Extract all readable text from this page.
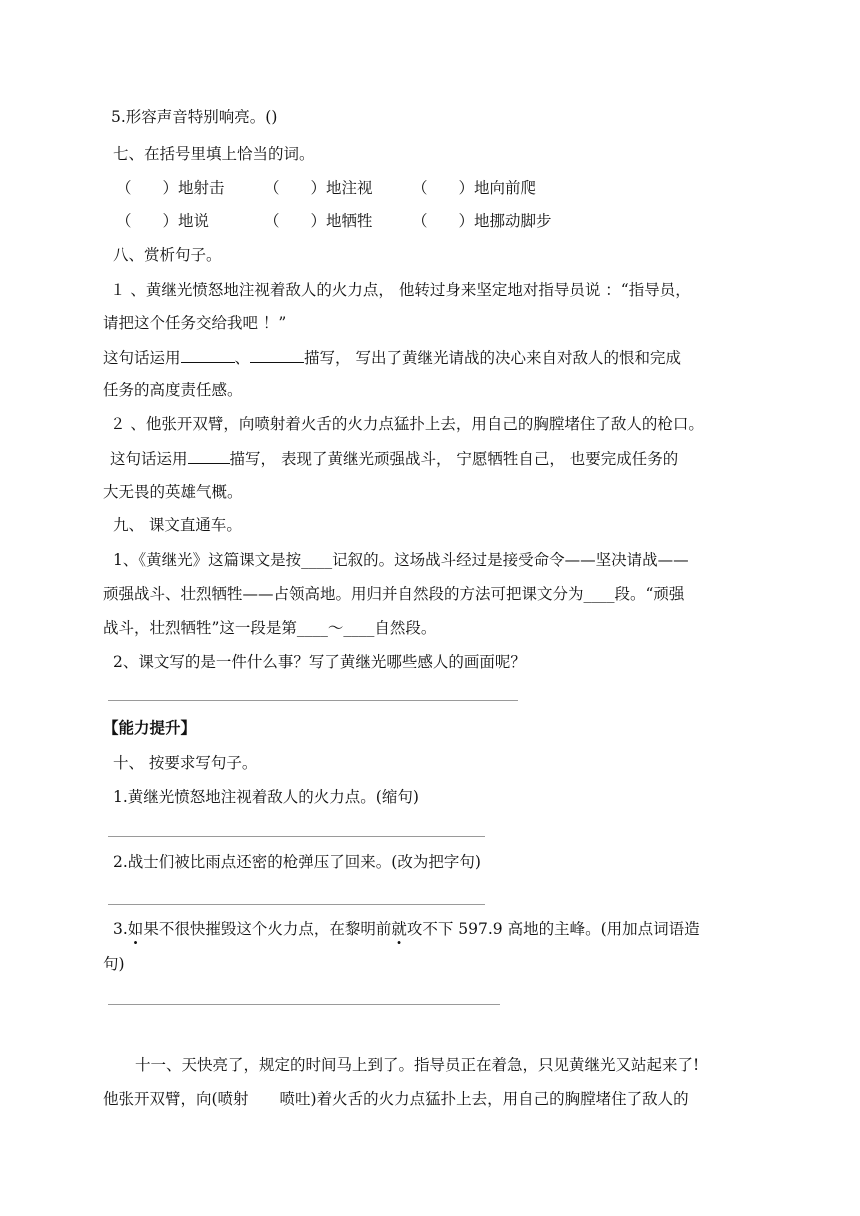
5.形容声音特别响亮。()
七、在括号里填上恰当的词。
（　　）地射击	（　　）地注视	（　　）地向前爬
（　　）地说	（　　）地牺牲	（　　）地挪动脚步
八、赏析句子。
１ 、黄继光愤怒地注视着敌人的火力点， 他转过身来坚定地对指导员说 ：“指导员，
请把这个任务交给我吧 ！”
这句话运用	、	描写， 写出了黄继光请战的决心来自对敌人的恨和完成
任务的高度责任感。
２ 、他张开双臂，向喷射着火舌的火力点猛扑上去，用自己的胸膛堵住了敌人的枪口。
这句话运用	描写， 表现了黄继光顽强战斗， 宁愿牺牲自己， 也要完成任务的
大无畏的英雄气概。
九、 课文直通车。
1、《黄继光》这篇课文是按____记叙的。这场战斗经过是接受命令——坚决请战——
顽强战斗、壮烈牺牲——占领高地。用归并自然段的方法可把课文分为____段。“顽强
战斗，壮烈牺牲”这一段是第____～____自然段。
2、课文写的是一件什么事？写了黄继光哪些感人的画面呢？
【能力提升】
十、 按要求写句子。
1.黄继光愤怒地注视着敌人的火力点。(缩句)
2.战士们被比雨点还密的枪弹压了回来。(改为把字句)
3.如果不很快摧毁这个火力点，在黎明前就攻不下 597.9 高地的主峰。(用加点词语造
句)
十一、天快亮了，规定的时间马上到了。指导员正在着急，只见黄继光又站起来了!
他张开双臂，向(喷射　　喷吐)着火舌的火力点猛扑上去，用自己的胸膛堵住了敌人的
